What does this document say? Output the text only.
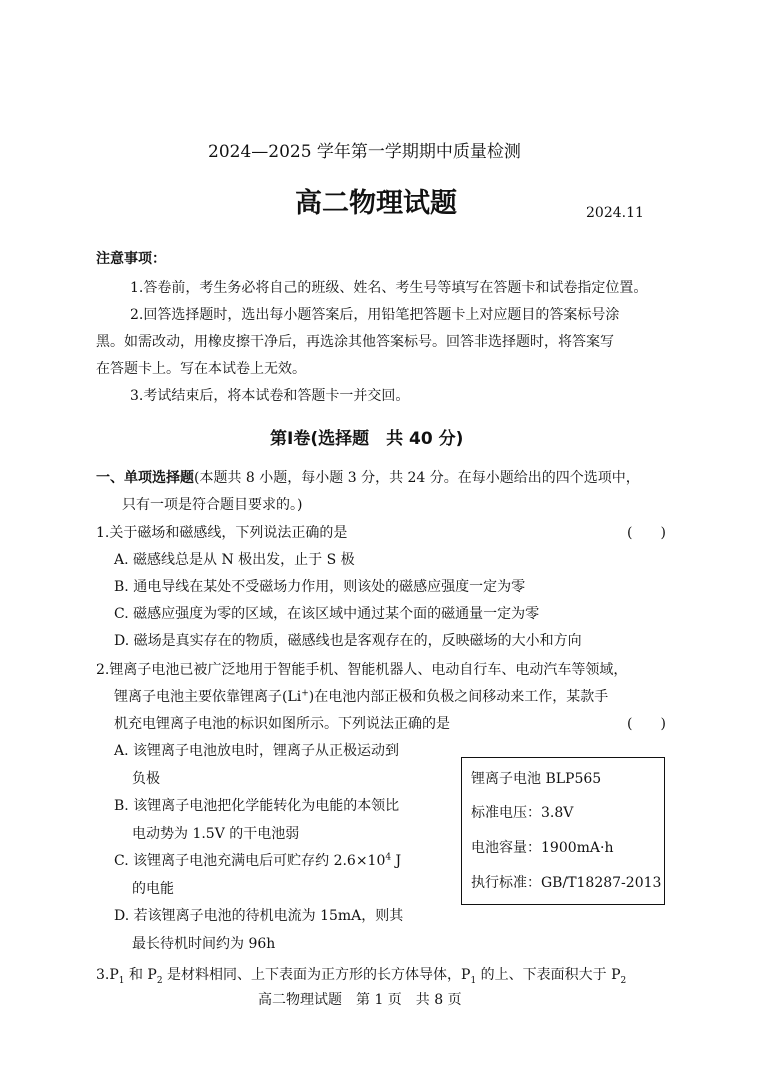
2024—2025 学年第一学期期中质量检测
高二物理试题	2024.11
注意事项：
1.答卷前，考生务必将自己的班级、姓名、考生号等填写在答题卡和试卷指定位置。
2.回答选择题时，选出每小题答案后，用铅笔把答题卡上对应题目的答案标号涂
黑。如需改动，用橡皮擦干净后，再选涂其他答案标号。回答非选择题时，将答案写
在答题卡上。写在本试卷上无效。
3.考试结束后，将本试卷和答题卡一并交回。
第Ⅰ卷(选择题　共 40 分)
一、单项选择题(本题共 8 小题，每小题 3 分，共 24 分。在每小题给出的四个选项中，
只有一项是符合题目要求的。)
1.关于磁场和磁感线，下列说法正确的是	(　　)
A. 磁感线总是从 N 极出发，止于 S 极
B. 通电导线在某处不受磁场力作用，则该处的磁感应强度一定为零
C. 磁感应强度为零的区域，在该区域中通过某个面的磁通量一定为零
D. 磁场是真实存在的物质，磁感线也是客观存在的，反映磁场的大小和方向
2.锂离子电池已被广泛地用于智能手机、智能机器人、电动自行车、电动汽车等领域，
锂离子电池主要依靠锂离子(Li+)在电池内部正极和负极之间移动来工作，某款手
机充电锂离子电池的标识如图所示。下列说法正确的是	(　　)
A. 该锂离子电池放电时，锂离子从正极运动到
负极
B. 该锂离子电池把化学能转化为电能的本领比
电动势为 1.5V 的干电池弱
C. 该锂离子电池充满电后可贮存约 $2.6\times 10^4$ J
的电能
D. 若该锂离子电池的待机电流为 15mA，则其
最长待机时间约为 96h
锂离子电池 BLP565
标准电压：3.8V
电池容量：1900mA·h
执行标准：GB/T18287-2013
$3.P_1$ 和 $P_2$ 是材料相同、上下表面为正方形的长方体导体，$P_1$ 的上、下表面积大于 $P_2$
高二物理试题　第 1 页　共 8 页
